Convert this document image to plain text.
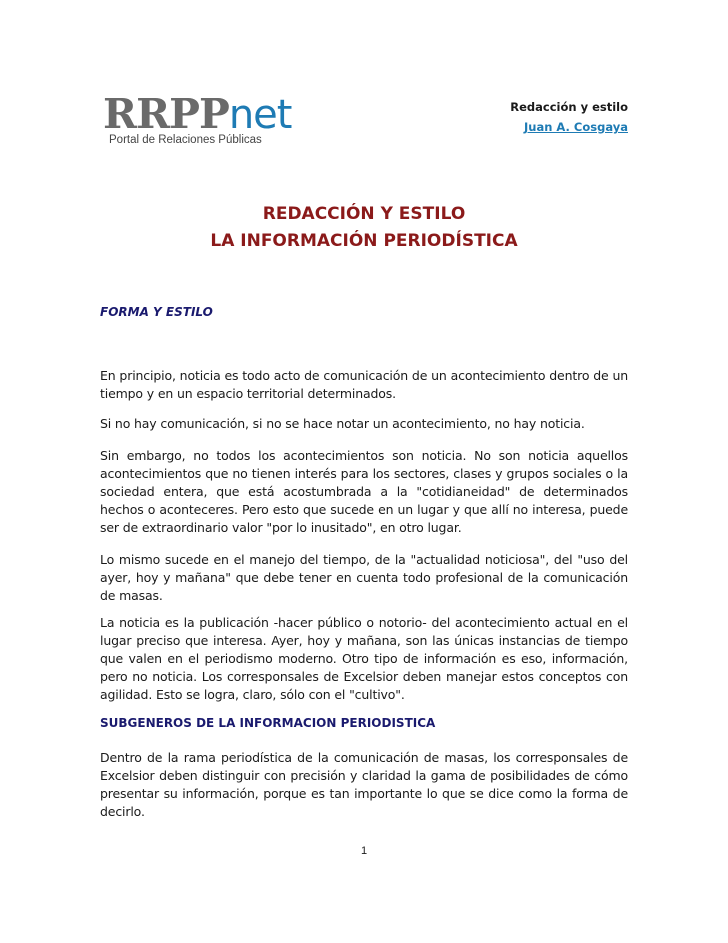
RRPPnet
Portal de Relaciones Públicas
Redacción y estilo
Juan A. Cosgaya
REDACCIÓN Y ESTILO
LA INFORMACIÓN PERIODÍSTICA
FORMA Y ESTILO

En principio, noticia es todo acto de comunicación de un acontecimiento dentro de un tiempo y en un espacio territorial determinados.

Si no hay comunicación, si no se hace notar un acontecimiento, no hay noticia.

Sin embargo, no todos los acontecimientos son noticia. No son noticia aquellos acontecimientos que no tienen interés para los sectores, clases y grupos sociales o la sociedad entera, que está acostumbrada a la "cotidianeidad" de determinados hechos o aconteceres. Pero esto que sucede en un lugar y que allí no interesa, puede ser de extraordinario valor "por lo inusitado", en otro lugar.

Lo mismo sucede en el manejo del tiempo, de la "actualidad noticiosa", del "uso del ayer, hoy y mañana" que debe tener en cuenta todo profesional de la comunicación de masas.

La noticia es la publicación -hacer público o notorio- del acontecimiento actual en el lugar preciso que interesa. Ayer, hoy y mañana, son las únicas instancias de tiempo que valen en el periodismo moderno. Otro tipo de información es eso, información, pero no noticia. Los corresponsales de Excelsior deben manejar estos conceptos con agilidad. Esto se logra, claro, sólo con el "cultivo".

SUBGENEROS DE LA INFORMACION PERIODISTICA

Dentro de la rama periodística de la comunicación de masas, los corresponsales de Excelsior deben distinguir con precisión y claridad la gama de posibilidades de cómo presentar su información, porque es tan importante lo que se dice como la forma de decirlo.

1
